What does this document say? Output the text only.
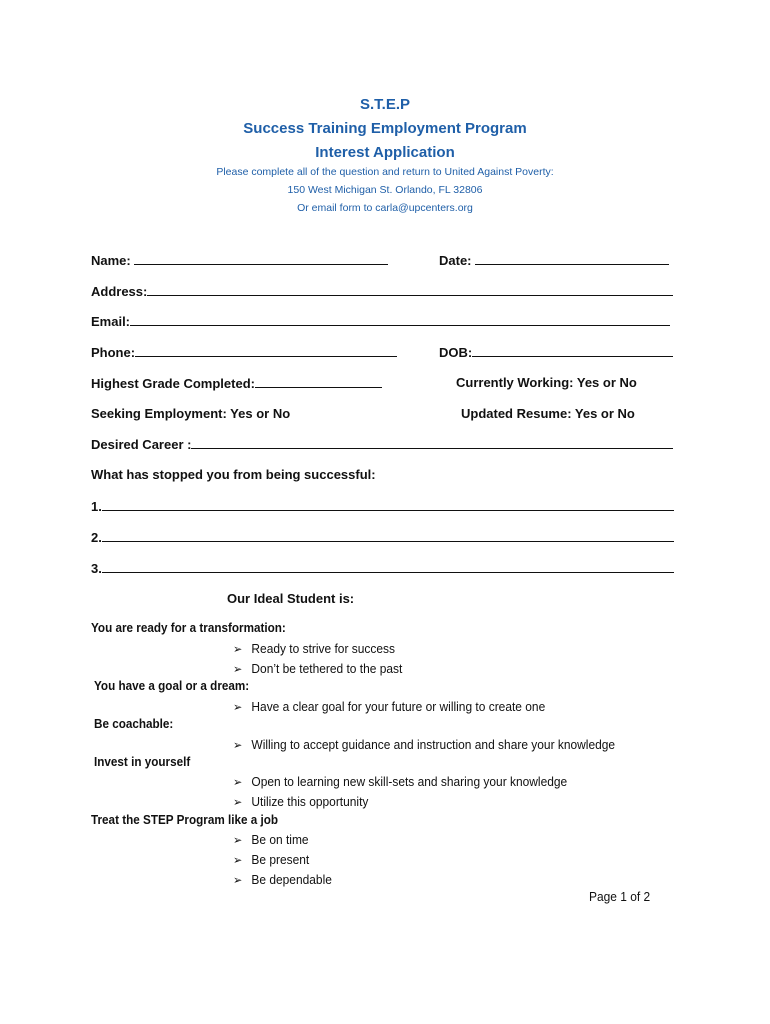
S.T.E.P
Success Training Employment Program
Interest Application
Please complete all of the question and return to United Against Poverty:
150 West Michigan St. Orlando, FL 32806
Or email form to carla@upcenters.org
Name:	Date:
Address:
Email:
Phone:	DOB:
Highest Grade Completed:	Currently Working: Yes or No
Seeking Employment: Yes or No	Updated Resume: Yes or No
Desired Career :
What has stopped you from being successful:
1.
2.
3.
Our Ideal Student is:
You are ready for a transformation:
➢ Ready to strive for success
➢ Don’t be tethered to the past
You have a goal or a dream:
➢ Have a clear goal for your future or willing to create one
Be coachable:
➢ Willing to accept guidance and instruction and share your knowledge
Invest in yourself
➢ Open to learning new skill-sets and sharing your knowledge
➢ Utilize this opportunity
Treat the STEP Program like a job
➢ Be on time
➢ Be present
➢ Be dependable
Page 1 of 2
